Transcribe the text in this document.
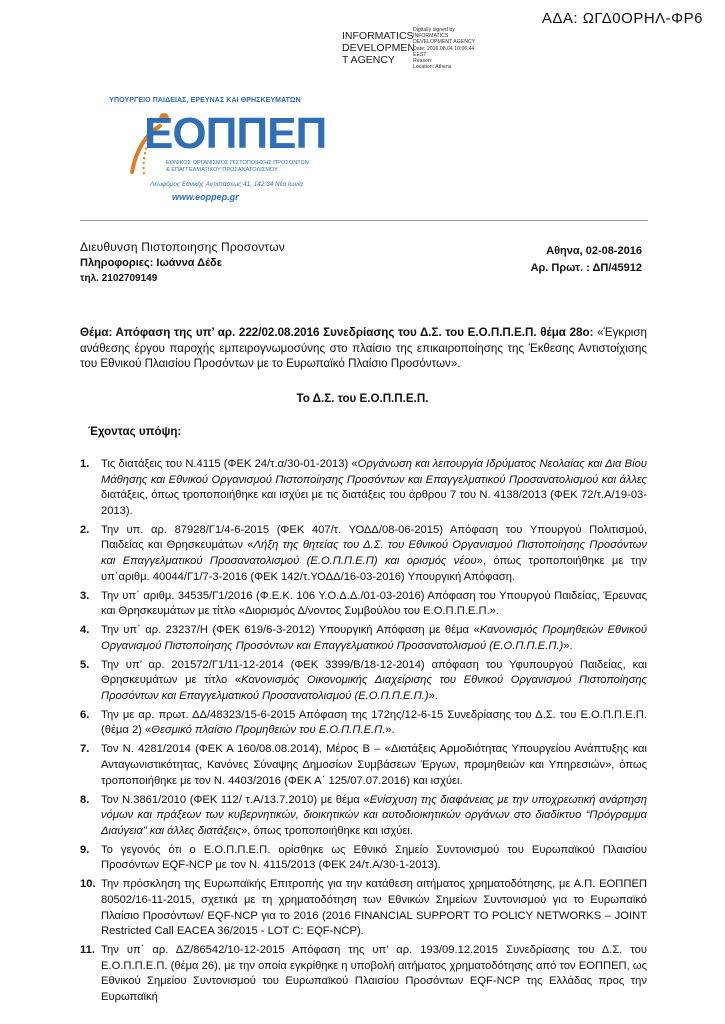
ΑΔΑ: ΩΓΔ0ΟΡΗΛ-ΦΡ6
INFORMATICS
DEVELOPMEN
T AGENCY
Digitally signed by
INFORMATICS
DEVELOPMENT AGENCY
Date: 2016.08.04 10:06:44
EEST
Reason:
Location: Athens
ΥΠΟΥΡΓΕΙΟ ΠΑΙΔΕΙΑΣ, ΕΡΕΥΝΑΣ ΚΑΙ ΘΡΗΣΚΕΥΜΑΤΩΝ
ΕΟΠΠΕΠ
ΕΘΝΙΚΟΣ ΟΡΓΑΝΙΣΜΟΣ ΠΙΣΤΟΠΟΙΗΣΗΣ ΠΡΟΣΟΝΤΩΝ
& ΕΠΑΓΓΕΛΜΑΤΙΚΟΥ ΠΡΟΣΑΝΑΤΟΛΙΣΜΟΥ
Λεωφόρος Εθνικής Αντιστάσεως 41, 142 34 Νέα Ιωνία
www.eoppep.gr
Διευθυνση Πιστοποιησης Προσοντων
Πληροφοριες: Ιωάννα Δέδε
τηλ. 2102709149
Αθηνα, 02-08-2016
Αρ. Πρωτ. : ΔΠ/45912
Θέμα: Απόφαση της υπ’ αρ. 222/02.08.2016 Συνεδρίασης του Δ.Σ. του Ε.Ο.Π.Π.Ε.Π. θέμα 28ο: «Έγκριση ανάθεσης έργου παροχής εμπειρογνωμοσύνης στο πλαίσιο της επικαιροποίησης της Έκθεσης Αντιστοίχισης του Εθνικού Πλαισίου Προσόντων με το Ευρωπαϊκό Πλαίσιο Προσόντων».
Το Δ.Σ. του Ε.Ο.Π.Π.Ε.Π.
Έχοντας υπόψη:
1. Τις διατάξεις του Ν.4115 (ΦΕΚ 24/τ.α/30-01-2013) «Οργάνωση και λειτουργία Ιδρύματος Νεολαίας και Δια Βίου Μάθησης και Εθνικού Οργανισμού Πιστοποίησης Προσόντων και Επαγγελματικού Προσανατολισμού και άλλες διατάξεις, όπως τροποποιήθηκε και ισχύει με τις διατάξεις του άρθρου 7 του Ν. 4138/2013 (ΦΕΚ 72/τ.Α/19-03-2013).
2. Την υπ. αρ. 87928/Γ1/4-6-2015 (ΦΕΚ 407/τ. ΥΟΔΔ/08-06-2015) Απόφαση του Υπουργού Πολιτισμού, Παιδείας και Θρησκευμάτων «Λήξη της θητείας του Δ.Σ. του Εθνικού Οργανισμού Πιστοποίησης Προσόντων και Επαγγελματικού Προσανατολισμού (Ε.Ο.Π.Π.Ε.Π) και ορισμός νέου», όπως τροποποιήθηκε με την υπ΄αριθμ. 40044/Γ1/7-3-2016 (ΦΕΚ 142/τ.ΥΟΔΔ/16-03-2016) Υπουργική Απόφαση.
3. Την υπ΄ αριθμ. 34535/Γ1/2016 (Φ.Ε.Κ. 106 Υ.Ο.Δ.Δ./01-03-2016) Απόφαση του Υπουργού Παιδείας, Έρευνας και Θρησκευμάτων με τίτλο «Διορισμός Δ/νοντος Συμβούλου του Ε.Ο.Π.Π.Ε.Π.».
4. Την υπ΄ αρ. 23237/Η (ΦΕΚ 619/6-3-2012) Υπουργική Απόφαση με θέμα «Κανονισμός Προμηθειών Εθνικού Οργανισμού Πιστοποίησης Προσόντων και Επαγγελματικού Προσανατολισμού (Ε.Ο.Π.Π.Ε.Π.)».
5. Την υπ’ αρ. 201572/Γ1/11-12-2014 (ΦΕΚ 3399/Β/18-12-2014) απόφαση του Υφυπουργού Παιδείας, και Θρησκευμάτων με τίτλο «Κανονισμός Οικονομικής Διαχείρισης του Εθνικού Οργανισμού Πιστοποίησης Προσόντων και Επαγγελματικού Προσανατολισμού (Ε.Ο.Π.Π.Ε.Π.)».
6. Την με αρ. πρωτ. ΔΔ/48323/15-6-2015 Απόφαση της 172ης/12-6-15 Συνεδρίασης του Δ.Σ. του Ε.Ο.Π.Π.Ε.Π. (θέμα 2) «Θεσμικό πλαίσιο Προμηθειών του Ε.Ο.Π.Π.Ε.Π.».
7. Τον Ν. 4281/2014 (ΦΕΚ Α 160/08.08.2014), Μέρος Β – «Διατάξεις Αρμοδιότητας Υπουργείου Ανάπτυξης και Ανταγωνιστικότητας, Κανόνες Σύναψης Δημοσίων Συμβάσεων Έργων, προμηθειών και Υπηρεσιών», όπως τροποποιήθηκε με τον Ν. 4403/2016 (ΦΕΚ Α΄ 125/07.07.2016) και ισχύει.
8. Τον Ν.3861/2010 (ΦΕΚ 112/ τ.Α/13.7.2010) με θέμα «Ενίσχυση της διαφάνειας με την υποχρεωτική ανάρτηση νόμων και πράξεων των κυβερνητικών, διοικητικών και αυτοδιοικητικών οργάνων στο διαδίκτυο “Πρόγραμμα Διαύγεια” και άλλες διατάξεις», όπως τροποποιήθηκε και ισχύει.
9. Το γεγονός ότι ο Ε.Ο.Π.Π.Ε.Π. ορίσθηκε ως Εθνικό Σημείο Συντονισμού του Ευρωπαϊκού Πλαισίου Προσόντων EQF-NCP με τον Ν. 4115/2013 (ΦΕΚ 24/τ.Α/30-1-2013).
10. Την πρόσκληση της Ευρωπαϊκής Επιτροπής για την κατάθεση αιτήματος χρηματοδότησης, με Α.Π. ΕΟΠΠΕΠ 80502/16-11-2015, σχετικά με τη χρηματοδότηση των Εθνικών Σημείων Συντονισμού για το Ευρωπαϊκό Πλαίσιο Προσόντων/ EQF-NCP για το 2016 (2016 FINANCIAL SUPPORT TO POLICY NETWORKS – JOINT Restricted Call EACEA 36/2015 - LOT C: EQF-NCP).
11. Την υπ΄ αρ. ΔΖ/86542/10-12-2015 Απόφαση της υπ’ αρ. 193/09.12.2015 Συνεδρίασης του Δ.Σ. του Ε.Ο.Π.Π.Ε.Π. (θέμα 26), με την οποία εγκρίθηκε η υποβολή αιτήματος χρηματοδότησης από τον ΕΟΠΠΕΠ, ως Εθνικού Σημείου Συντονισμού του Ευρωπαϊκού Πλαισίου Προσόντων EQF-NCP της Ελλάδας προς την Ευρωπαϊκή
